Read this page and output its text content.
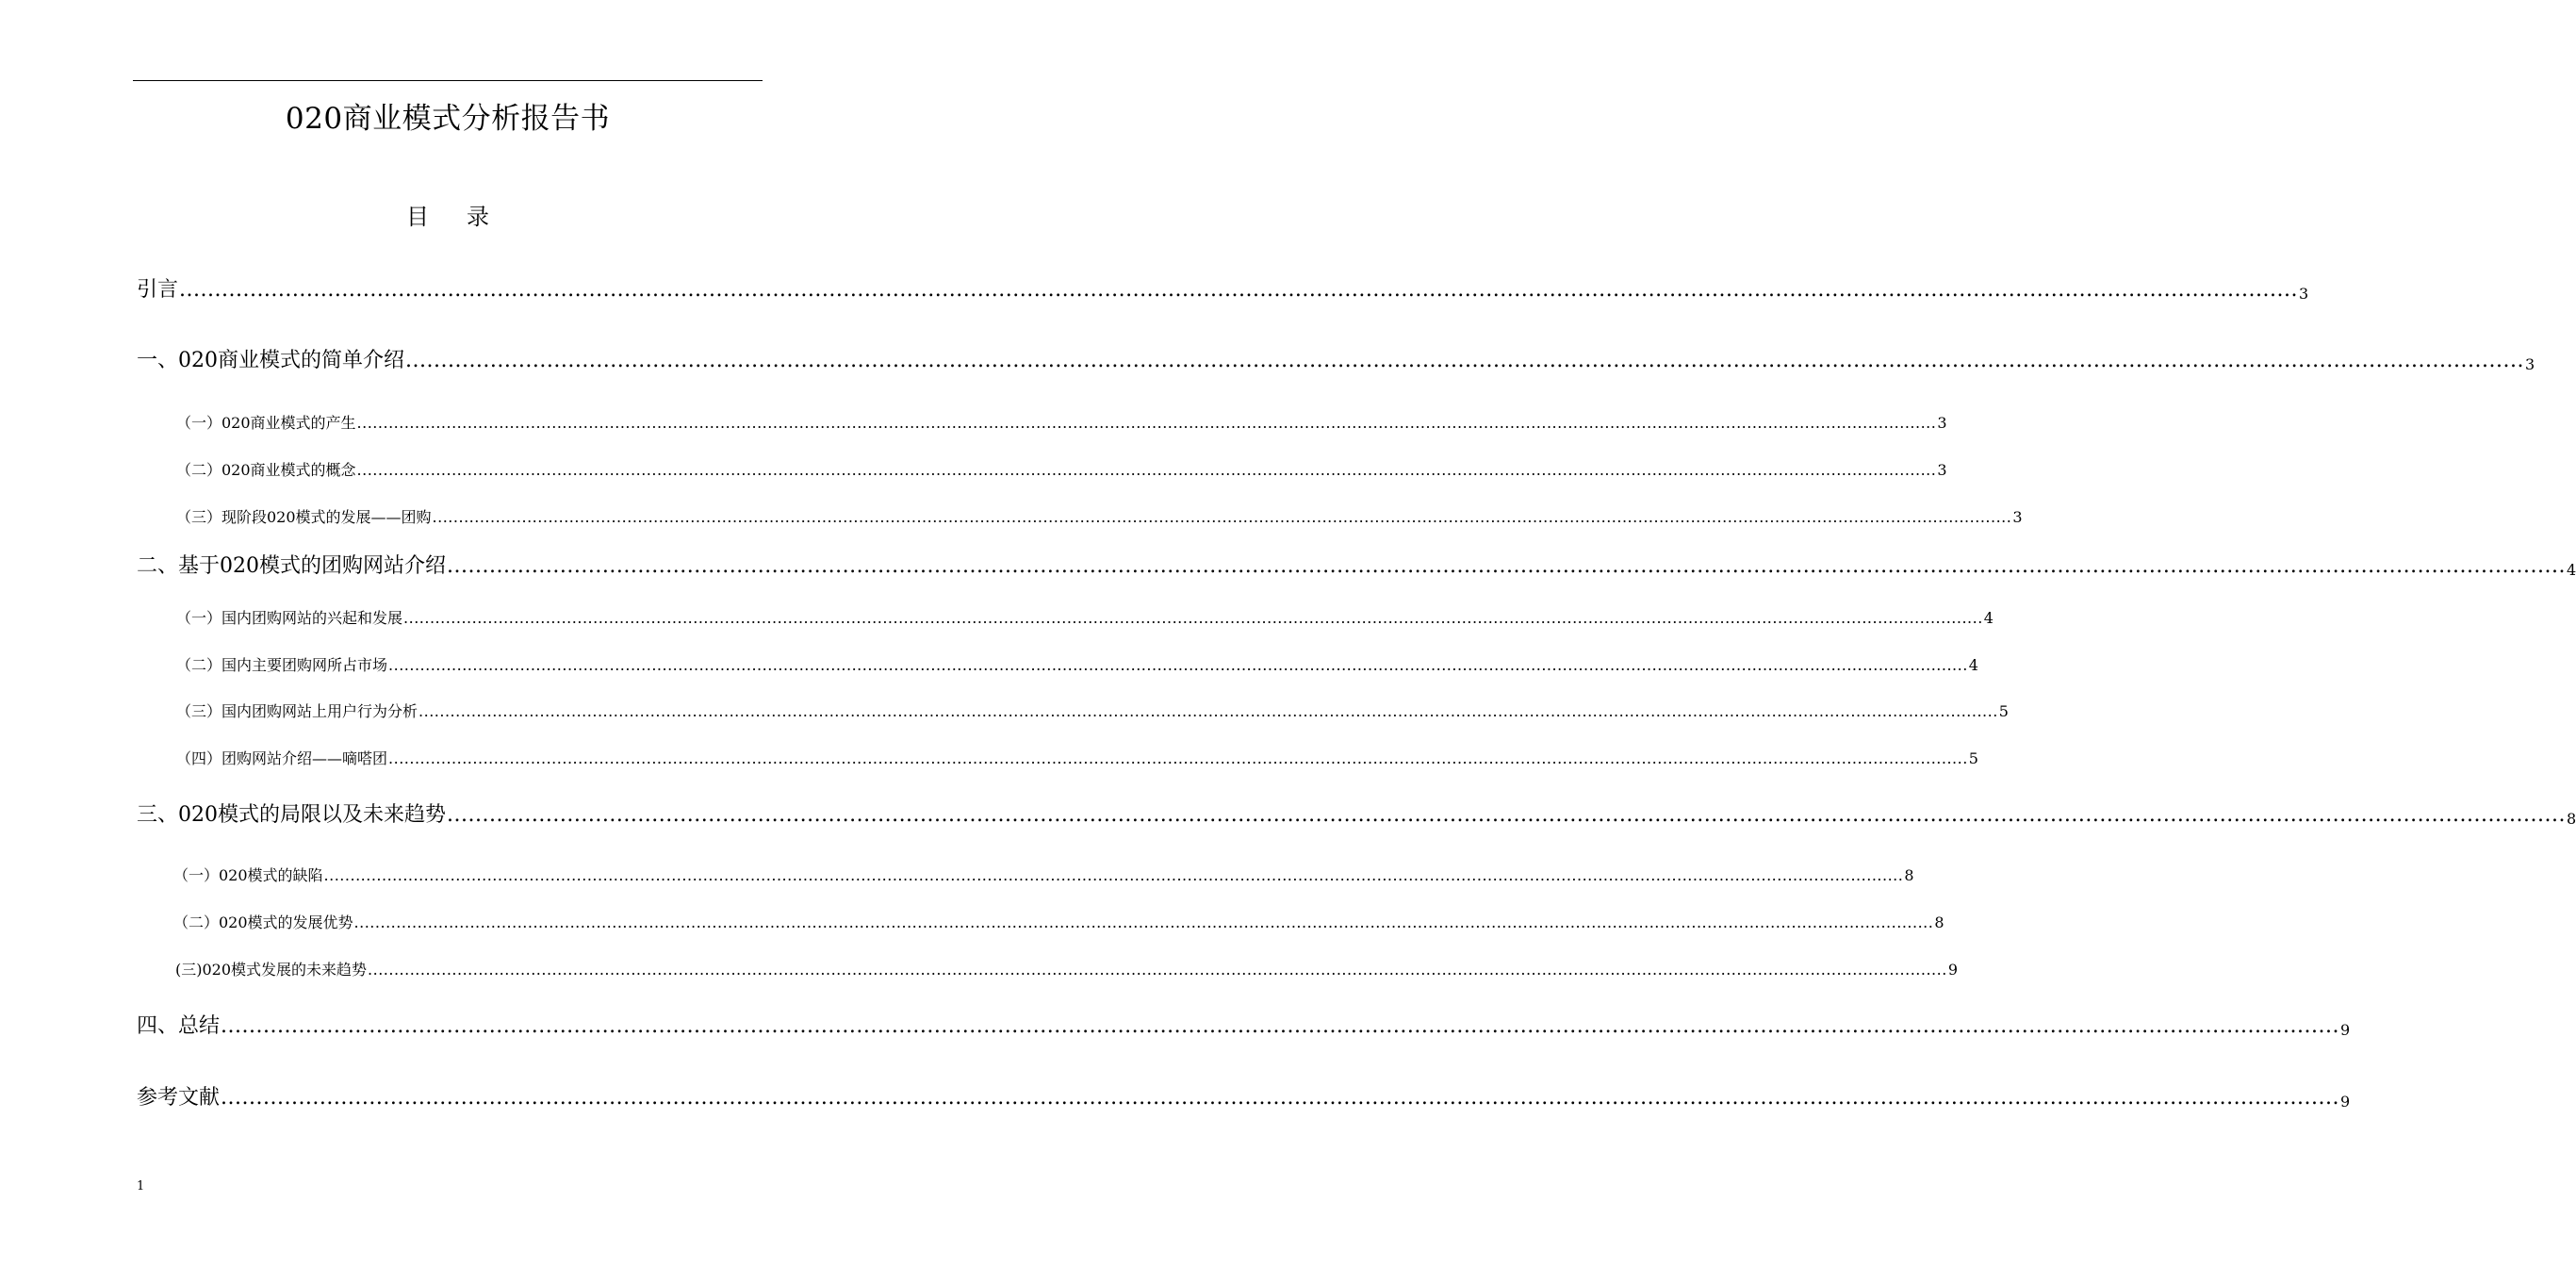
020商业模式分析报告书
目 录
引言 ............................................................................................................................................................................................................................................................................................................ 3
一、020商业模式的简单介绍 ............................................................................................................................................................................................................................................................................................................ 3
（一）020商业模式的产生 ............................................................................................................................................................................................................................................................................................................ 3
（二）020商业模式的概念 ............................................................................................................................................................................................................................................................................................................ 3
（三）现阶段020模式的发展——团购 ............................................................................................................................................................................................................................................................................................................ 3
二、基于020模式的团购网站介绍 ............................................................................................................................................................................................................................................................................................................ 4
（一）国内团购网站的兴起和发展 ............................................................................................................................................................................................................................................................................................................ 4
（二）国内主要团购网所占市场 ............................................................................................................................................................................................................................................................................................................ 4
（三）国内团购网站上用户行为分析 ............................................................................................................................................................................................................................................................................................................ 5
（四）团购网站介绍——嘀嗒团 ............................................................................................................................................................................................................................................................................................................ 5
三、020模式的局限以及未来趋势 ............................................................................................................................................................................................................................................................................................................ 8
（一）020模式的缺陷 ............................................................................................................................................................................................................................................................................................................ 8
（二）020模式的发展优势 ............................................................................................................................................................................................................................................................................................................ 8
(三)020模式发展的未来趋势 ............................................................................................................................................................................................................................................................................................................ 9
四、总结 ............................................................................................................................................................................................................................................................................................................ 9
参考文献 ............................................................................................................................................................................................................................................................................................................ 9
1
